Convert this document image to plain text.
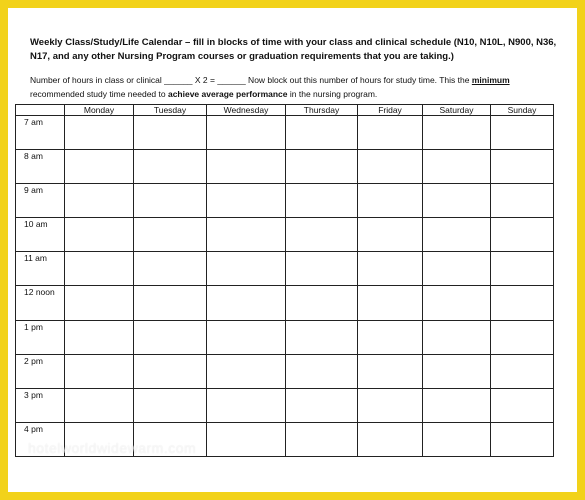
Weekly Class/Study/Life Calendar – fill in blocks of time with your class and clinical schedule (N10, N10L, N900, N36, N17, and any other Nursing Program courses or graduation requirements that you are taking.)
Number of hours in class or clinical ______ X 2 = ______ Now block out this number of hours for study time. This the minimum recommended study time needed to achieve average performance in the nursing program.
	Monday	Tuesday	Wednesday	Thursday	Friday	Saturday	Sunday
7 am							
8 am							
9 am							
10 am							
11 am							
12 noon							
1 pm							
2 pm							
3 pm							
4 pm							
hotelworldwidewarm.com
